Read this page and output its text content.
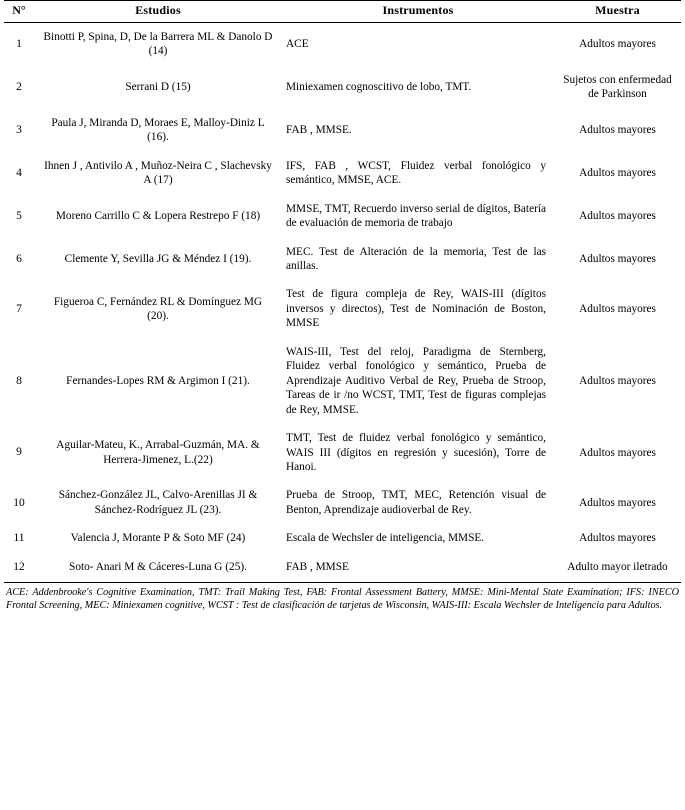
N°	Estudios	Instrumentos	Muestra
1	Binotti P, Spina, D, De la Barrera ML & Danolo D (14)	ACE	Adultos mayores
2	Serrani D (15)	Miniexamen cognoscitivo de lobo, TMT.	Sujetos con enfermedad de Parkinson
3	Paula J, Miranda D, Moraes E, Malloy-Diniz L (16).	FAB , MMSE.	Adultos mayores
4	Ihnen J , Antivilo A , Muñoz-Neira C , Slachevsky A (17)	IFS, FAB , WCST, Fluidez verbal fonológico y semántico, MMSE, ACE.	Adultos mayores
5	Moreno Carrillo C & Lopera Restrepo F (18)	MMSE, TMT, Recuerdo inverso serial de dígitos, Batería de evaluación de memoria de trabajo	Adultos mayores
6	Clemente Y, Sevilla JG & Méndez I (19).	MEC. Test de Alteración de la memoria, Test de las anillas.	Adultos mayores
7	Figueroa C, Fernández RL & Domínguez MG (20).	Test de figura compleja de Rey, WAIS-III (dígitos inversos y directos), Test de Nominación de Boston, MMSE	Adultos mayores
8	Fernandes-Lopes RM & Argimon I (21).	WAIS-III, Test del reloj, Paradigma de Sternberg, Fluidez verbal fonológico y semántico, Prueba de Aprendizaje Auditivo Verbal de Rey, Prueba de Stroop, Tareas de ir /no WCST, TMT, Test de figuras complejas de Rey, MMSE.	Adultos mayores
9	Aguilar-Mateu, K., Arrabal-Guzmán, MA. & Herrera-Jimenez, L.(22)	TMT, Test de fluidez verbal fonológico y semántico, WAIS III (dígitos en regresión y sucesión), Torre de Hanoi.	Adultos mayores
10	Sánchez-González JL, Calvo-Arenillas JI & Sánchez-Rodríguez JL (23).	Prueba de Stroop, TMT, MEC, Retención visual de Benton, Aprendizaje audioverbal de Rey.	Adultos mayores
11	Valencia J, Morante P & Soto MF (24)	Escala de Wechsler de inteligencia, MMSE.	Adultos mayores
12	Soto- Anari M & Cáceres-Luna G (25).	FAB , MMSE	Adulto mayor iletrado
ACE: Addenbrooke's Cognitive Examination, TMT: Trail Making Test, FAB: Frontal Assessment Battery, MMSE: Mini-Mental State Examination; IFS: INECO Frontal Screening, MEC: Miniexamen cognitive, WCST : Test de clasificación de tarjetas de Wisconsin, WAIS-III: Escala Wechsler de Inteligencia para Adultos.
